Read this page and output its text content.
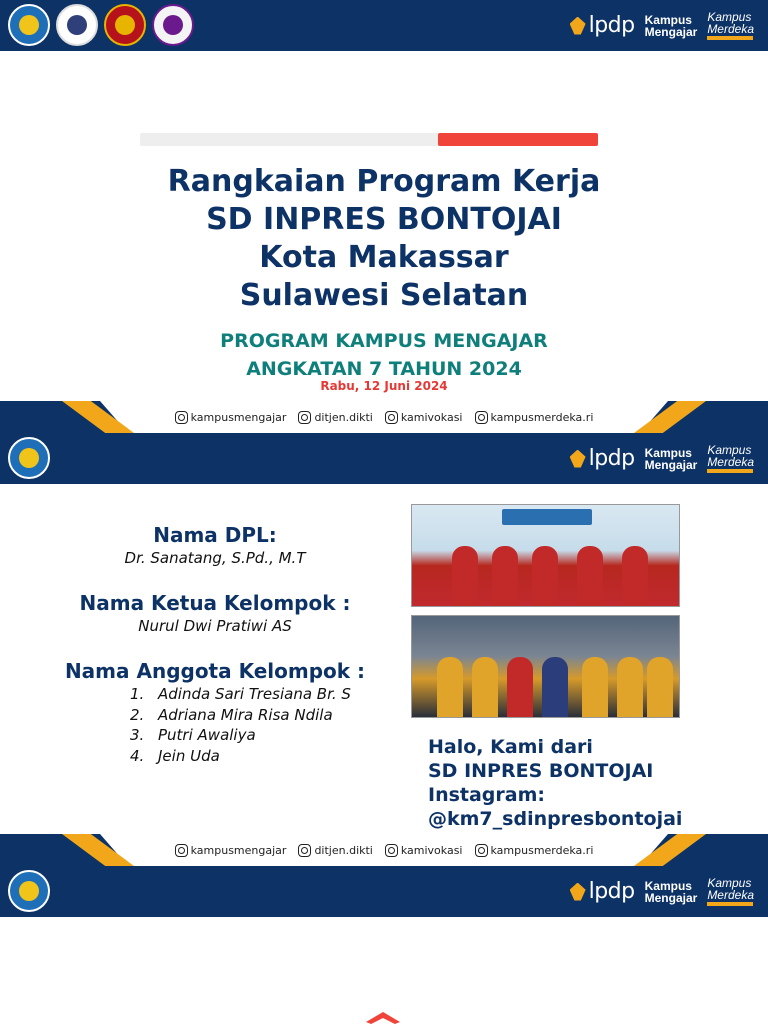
lpdp Kampus
Mengajar
Kampus
Merdeka
Rangkaian Program Kerja
SD INPRES BONTOJAI
Kota Makassar
Sulawesi Selatan
PROGRAM KAMPUS MENGAJAR
ANGKATAN 7 TAHUN 2024
Rabu, 12 Juni 2024
kampusmengajar	ditjen.dikti	kamivokasi	kampusmerdeka.ri
lpdp Kampus
Mengajar
Kampus
Merdeka
Nama DPL:
Dr. Sanatang, S.Pd., M.T
Nama Ketua Kelompok :
Nurul Dwi Pratiwi AS
Nama Anggota Kelompok :
1. Adinda Sari Tresiana Br. S
2. Adriana Mira Risa Ndila
3. Putri Awaliya
4. Jein Uda	Halo, Kami dari
SD INPRES BONTOJAI
Instagram:
@km7_sdinpresbontojai
kampusmengajar	ditjen.dikti	kamivokasi	kampusmerdeka.ri
lpdp Kampus
Mengajar
Kampus
Merdeka
